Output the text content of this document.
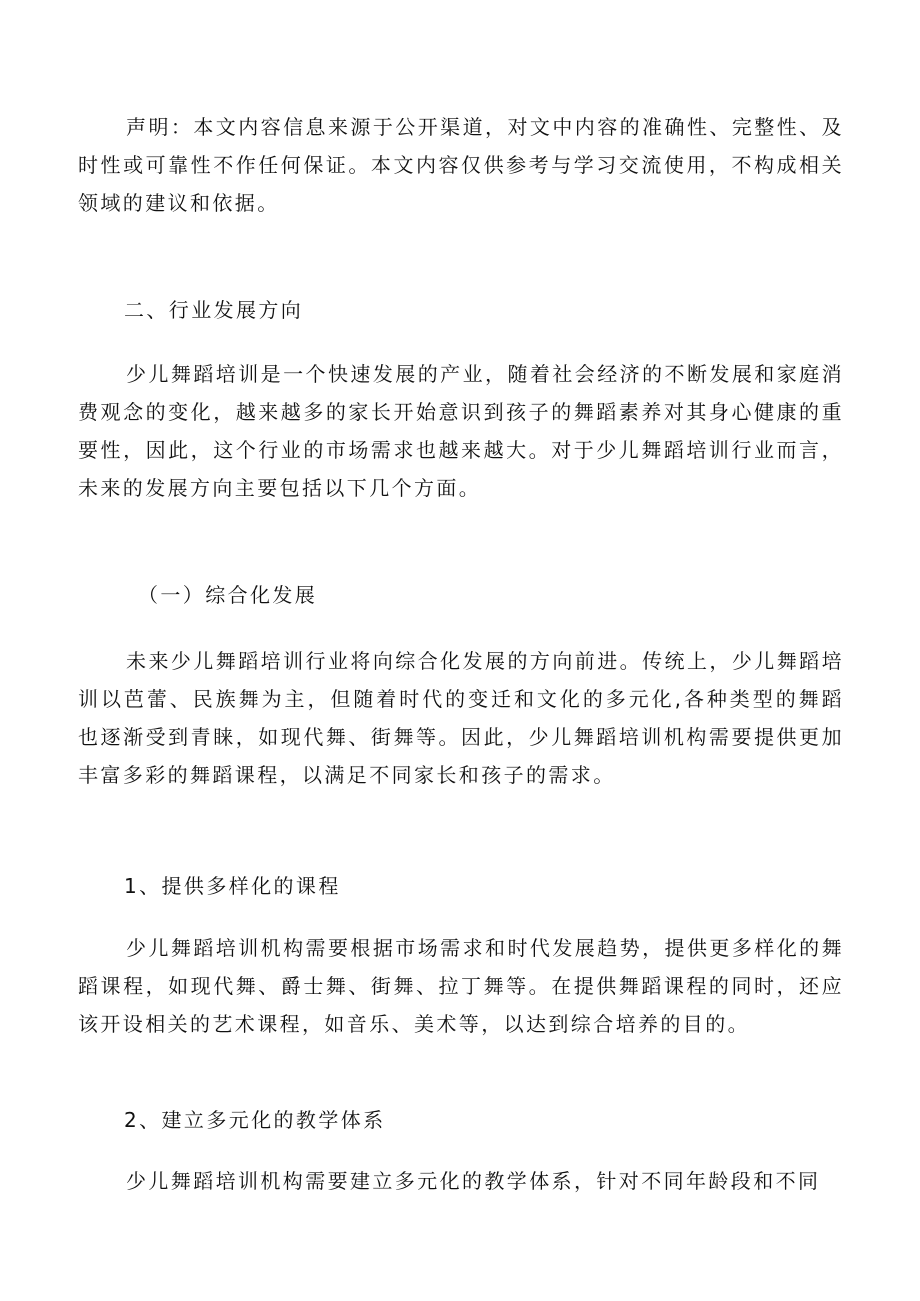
声明：本文内容信息来源于公开渠道，对文中内容的准确性、完整性、及时性或可靠性不作任何保证。本文内容仅供参考与学习交流使用，不构成相关领域的建议和依据。

二、行业发展方向

少儿舞蹈培训是一个快速发展的产业，随着社会经济的不断发展和家庭消费观念的变化，越来越多的家长开始意识到孩子的舞蹈素养对其身心健康的重要性，因此，这个行业的市场需求也越来越大。对于少儿舞蹈培训行业而言，未来的发展方向主要包括以下几个方面。

（一）综合化发展

未来少儿舞蹈培训行业将向综合化发展的方向前进。传统上，少儿舞蹈培训以芭蕾、民族舞为主，但随着时代的变迁和文化的多元化,各种类型的舞蹈也逐渐受到青睐，如现代舞、街舞等。因此，少儿舞蹈培训机构需要提供更加丰富多彩的舞蹈课程，以满足不同家长和孩子的需求。

1、提供多样化的课程

少儿舞蹈培训机构需要根据市场需求和时代发展趋势，提供更多样化的舞蹈课程，如现代舞、爵士舞、街舞、拉丁舞等。在提供舞蹈课程的同时，还应该开设相关的艺术课程，如音乐、美术等，以达到综合培养的目的。

2、建立多元化的教学体系

少儿舞蹈培训机构需要建立多元化的教学体系，针对不同年龄段和不同
